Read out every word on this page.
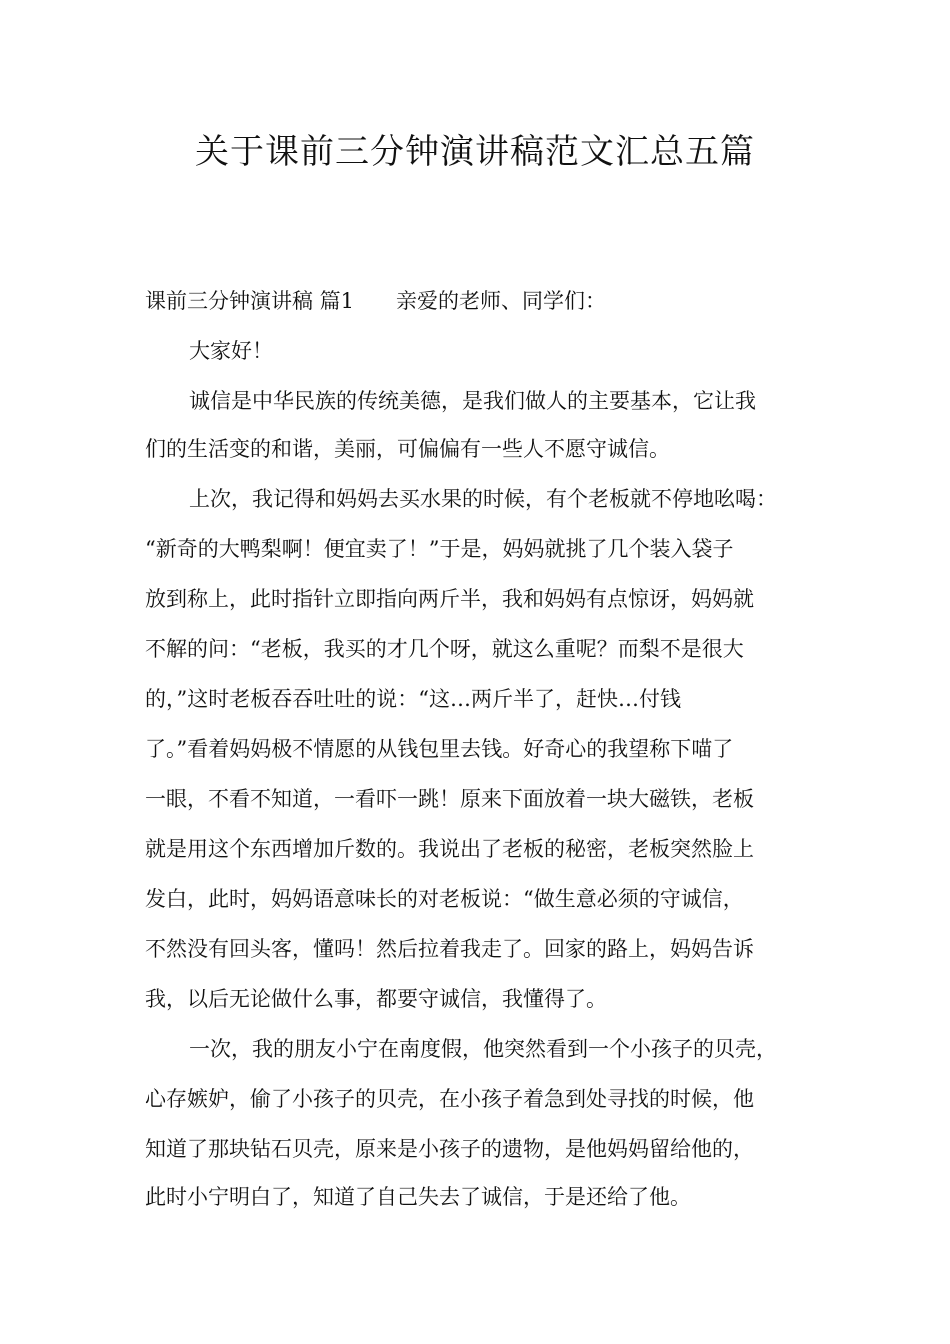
关于课前三分钟演讲稿范文汇总五篇
课前三分钟演讲稿 篇1 亲爱的老师、同学们：
大家好！
诚信是中华民族的传统美德，是我们做人的主要基本，它让我
们的生活变的和谐，美丽，可偏偏有一些人不愿守诚信。
上次，我记得和妈妈去买水果的时候，有个老板就不停地吆喝：
“新奇的大鸭梨啊！便宜卖了！”于是，妈妈就挑了几个装入袋子
放到称上，此时指针立即指向两斤半，我和妈妈有点惊讶，妈妈就
不解的问：“老板，我买的才几个呀，就这么重呢？而梨不是很大
的，”这时老板吞吞吐吐的说：“这…两斤半了，赶快…付钱
了。”看着妈妈极不情愿的从钱包里去钱。好奇心的我望称下喵了
一眼，不看不知道，一看吓一跳！原来下面放着一块大磁铁，老板
就是用这个东西增加斤数的。我说出了老板的秘密，老板突然脸上
发白，此时，妈妈语意味长的对老板说：“做生意必须的守诚信，
不然没有回头客，懂吗！然后拉着我走了。回家的路上，妈妈告诉
我，以后无论做什么事，都要守诚信，我懂得了。
一次，我的朋友小宁在南度假，他突然看到一个小孩子的贝壳，
心存嫉妒，偷了小孩子的贝壳，在小孩子着急到处寻找的时候，他
知道了那块钻石贝壳，原来是小孩子的遗物，是他妈妈留给他的，
此时小宁明白了，知道了自己失去了诚信，于是还给了他。
